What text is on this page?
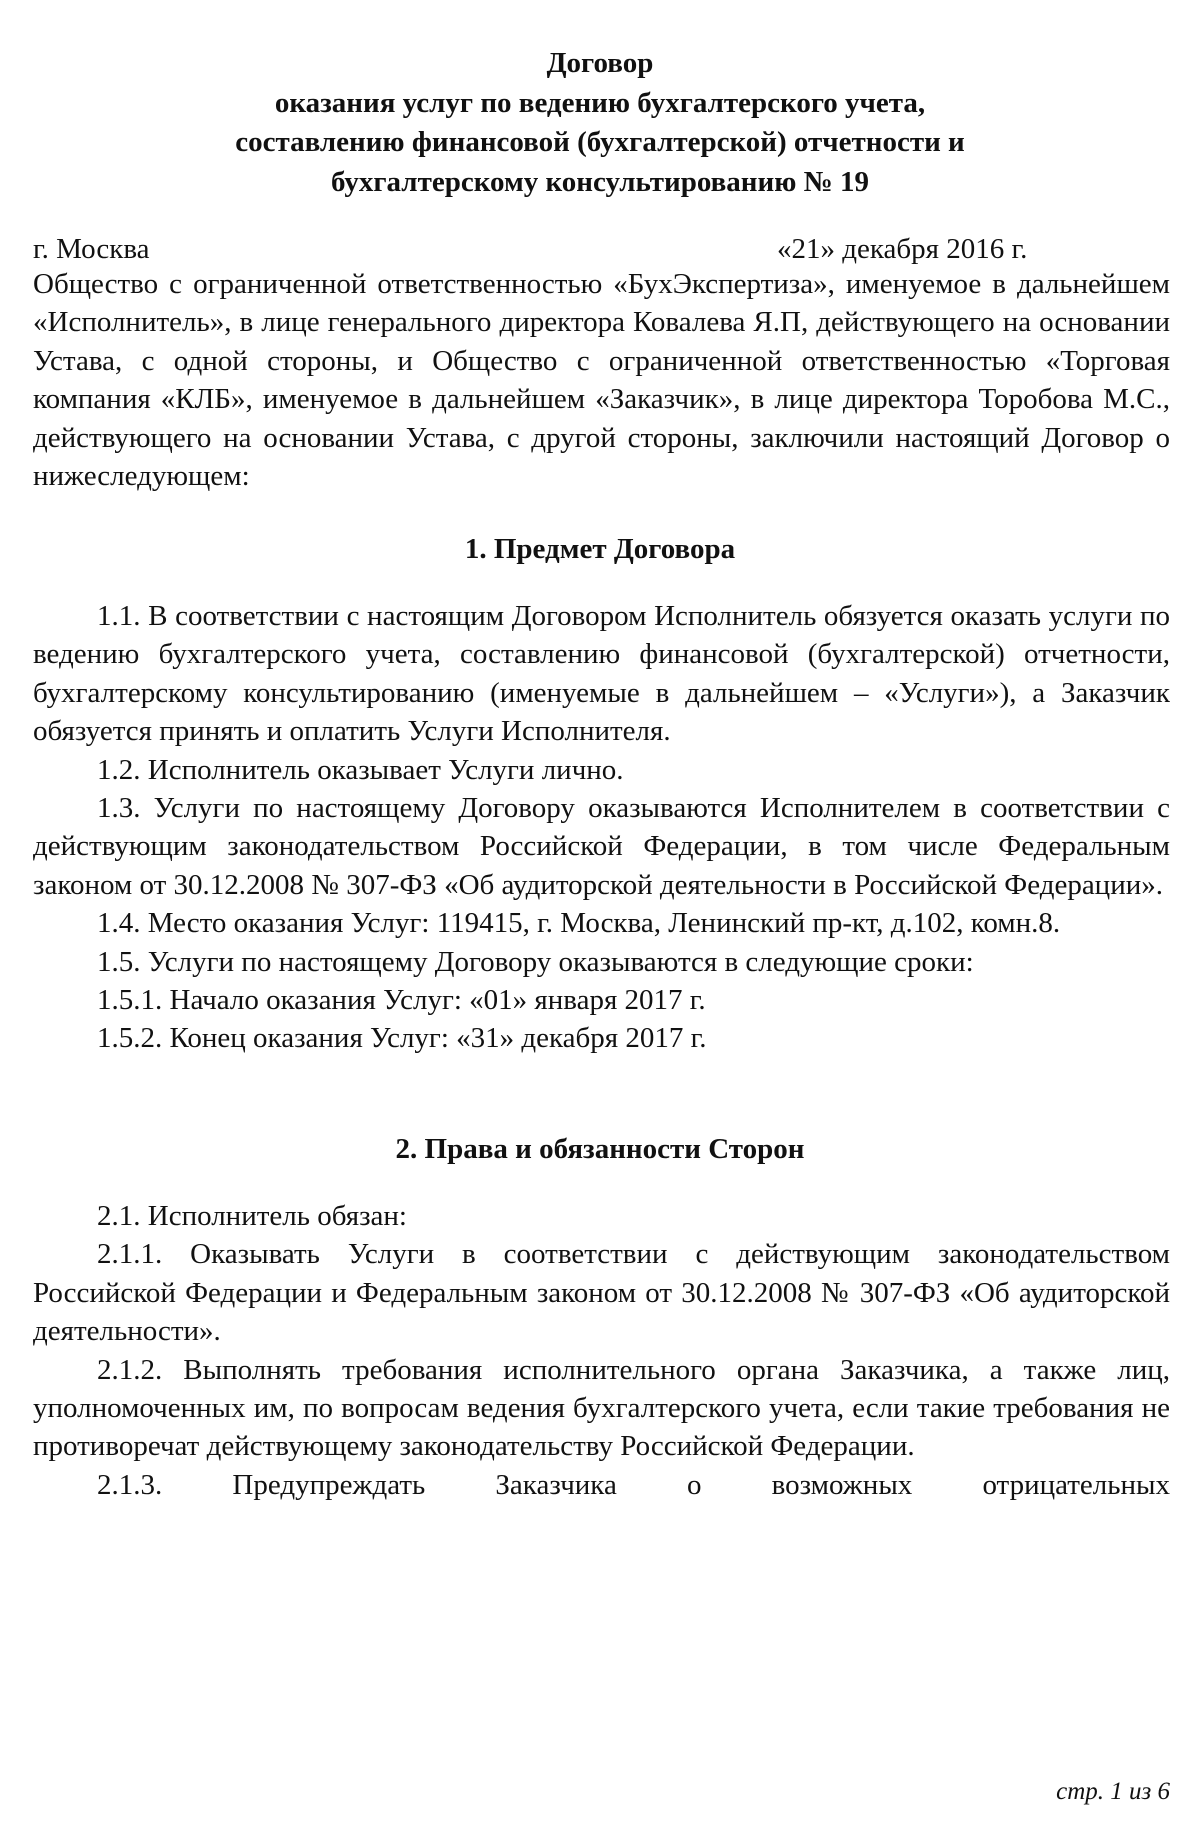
Договор
оказания услуг по ведению бухгалтерского учета,
составлению финансовой (бухгалтерской) отчетности и
бухгалтерскому консультированию № 19
г. Москва	«21» декабря 2016 г.

Общество с ограниченной ответственностью «БухЭкспертиза», именуемое в дальнейшем «Исполнитель», в лице генерального директора Ковалева Я.П, действующего на основании Устава, с одной стороны, и Общество с ограниченной ответственностью «Торговая компания «КЛБ», именуемое в дальнейшем «Заказчик», в лице директора Торобова М.С., действующего на основании Устава, с другой стороны, заключили настоящий Договор о нижеследующем:

1. Предмет Договора

1.1. В соответствии с настоящим Договором Исполнитель обязуется оказать услуги по ведению бухгалтерского учета, составлению финансовой (бухгалтерской) отчетности, бухгалтерскому консультированию (именуемые в дальнейшем – «Услуги»), а Заказчик обязуется принять и оплатить Услуги Исполнителя.

1.2. Исполнитель оказывает Услуги лично.

1.3. Услуги по настоящему Договору оказываются Исполнителем в соответствии с действующим законодательством Российской Федерации, в том числе Федеральным законом от 30.12.2008 № 307-ФЗ «Об аудиторской деятельности в Российской Федерации».

1.4. Место оказания Услуг: 119415, г. Москва, Ленинский пр-кт, д.102, комн.8.

1.5. Услуги по настоящему Договору оказываются в следующие сроки:

1.5.1. Начало оказания Услуг: «01» января 2017 г.

1.5.2. Конец оказания Услуг: «31» декабря 2017 г.

2. Права и обязанности Сторон

2.1. Исполнитель обязан:

2.1.1. Оказывать Услуги в соответствии с действующим законодательством Российской Федерации и Федеральным законом от 30.12.2008 № 307-ФЗ «Об аудиторской деятельности».

2.1.2. Выполнять требования исполнительного органа Заказчика, а также лиц, уполномоченных им, по вопросам ведения бухгалтерского учета, если такие требования не противоречат действующему законодательству Российской Федерации.

2.1.3. Предупреждать Заказчика о возможных отрицательных

стр. 1 из 6
